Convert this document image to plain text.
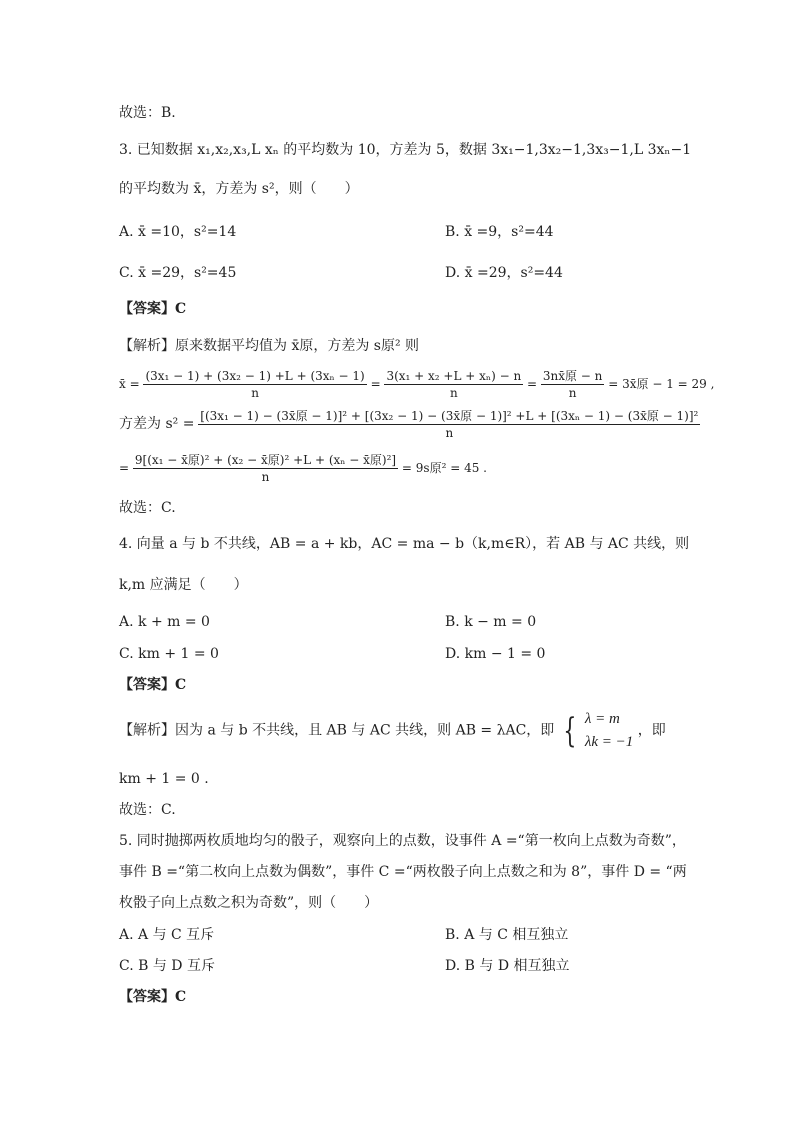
故选：B.
3. 已知数据 x₁,x₂,x₃,L xₙ 的平均数为 10，方差为 5，数据 3x₁−1,3x₂−1,3x₃−1,L 3xₙ−1
的平均数为 x̄，方差为 s²，则（　　）
A. x̄ =10，s²=14	B. x̄ =9，s²=44
C. x̄ =29，s²=45	D. x̄ =29，s²=44
【答案】C
【解析】原来数据平均值为 x̄原，方差为 s原² 则
x̄ = $\frac{\text{(3x₁ − 1) + (3x₂ − 1) +L + (3xₙ − 1)}}{n} = \frac{\text{3(x₁ + x₂ +L + xₙ) − n}}{n} = \frac{\text{3nx̄原 − n}}{n}$ = 3x̄原 − 1 = 29 ,
方差为 s² = [(3x₁ − 1) − (3x̄原 − 1)]² + [(3x₂ − 1) − (3x̄原 − 1)]² +L + [(3xₙ − 1) − (3x̄原 − 1)]²
n
= $\frac{\text{9[(x₁ − x̄原)² + (x₂ − x̄原)² +L + (xₙ − x̄原)²]}}{n} = 9s$原² = 45 .
故选：C.
4. 向量 a 与 b 不共线，AB = a + kb，AC = ma − b（k,m∈R），若 AB 与 AC 共线，则
k,m 应满足（　　）
A. k + m = 0	B. k − m = 0
C. km + 1 = 0	D. km − 1 = 0
【答案】C
【解析】因为 a 与 b 不共线，且 AB 与 AC 共线，则 AB = λAC，即 { λ = m
λk = −1
，即
km + 1 = 0 .
故选：C.
5. 同时抛掷两枚质地均匀的骰子，观察向上的点数，设事件 A =“第一枚向上点数为奇数”，
事件 B =“第二枚向上点数为偶数”，事件 C =“两枚骰子向上点数之和为 8”，事件 D = “两
枚骰子向上点数之积为奇数”，则（　　）
A. A 与 C 互斥	B. A 与 C 相互独立
C. B 与 D 互斥	D. B 与 D 相互独立
【答案】C
